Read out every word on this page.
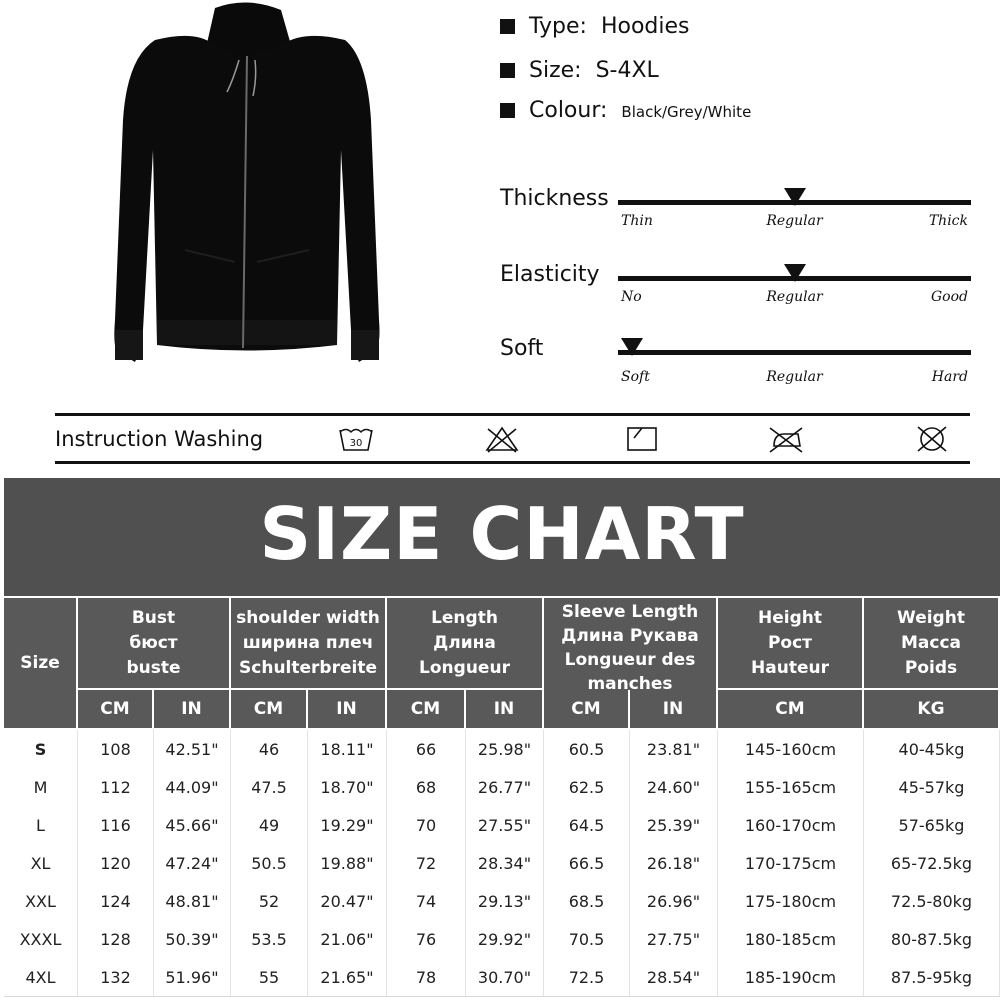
Type: Hoodies
Size: S-4XL
Colour: Black/Grey/White
Thickness
Thin	Regular	Thick
Elasticity
No	Regular	Good
Soft
Soft	Regular	Hard
Instruction Washing	30
SIZE CHART
Size
Bust
бюст
buste
shoulder width
ширина плеч
Schulterbreite
Length
Длина
Longueur
Sleeve Length
Длина Рукава
Longueur des
manches
Height
Рост
Hauteur
Weight
Масса
Poids
CM	IN	CM	IN	CM	IN	CM	IN	CM	KG
S	108	42.51"	46	18.11"	66	25.98"	60.5	23.81"	145-160cm	40-45kg
M	112	44.09"	47.5	18.70"	68	26.77"	62.5	24.60"	155-165cm	45-57kg
L	116	45.66"	49	19.29"	70	27.55"	64.5	25.39"	160-170cm	57-65kg
XL	120	47.24"	50.5	19.88"	72	28.34"	66.5	26.18"	170-175cm	65-72.5kg
XXL	124	48.81"	52	20.47"	74	29.13"	68.5	26.96"	175-180cm	72.5-80kg
XXXL	128	50.39"	53.5	21.06"	76	29.92"	70.5	27.75"	180-185cm	80-87.5kg
4XL	132	51.96"	55	21.65"	78	30.70"	72.5	28.54"	185-190cm	87.5-95kg
